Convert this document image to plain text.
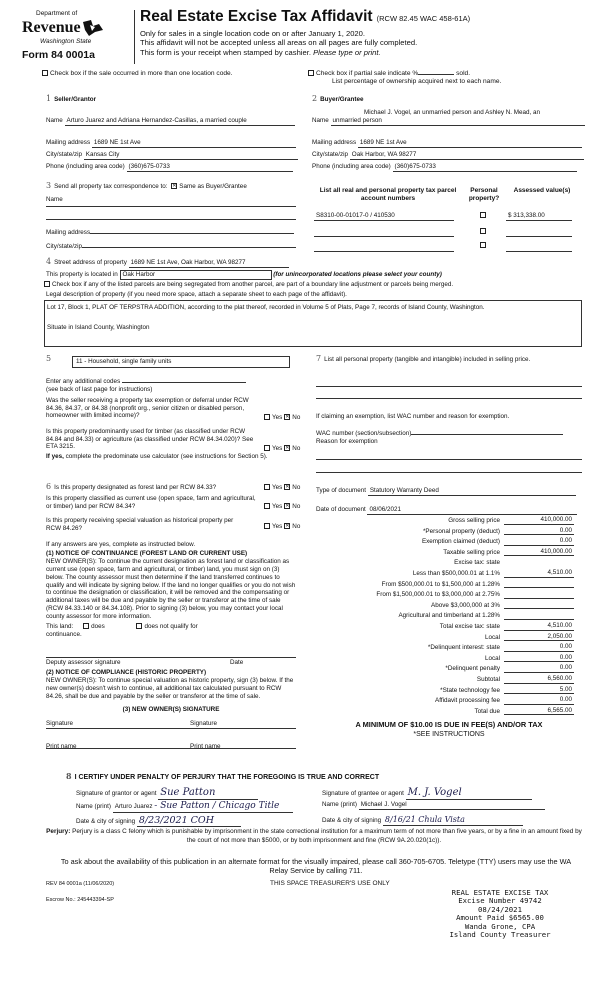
Department of
Revenue
Washington State
Form 84 0001a
Real Estate Excise Tax Affidavit (RCW 82.45 WAC 458-61A)
Only for sales in a single location code on or after January 1, 2020.
This affidavit will not be accepted unless all areas on all pages are fully completed.
This form is your receipt when stamped by cashier. Please type or print.
Check box if the sale occurred in more than one location code.	Check box if partial sale indicate %	sold.
List percentage of ownership acquired next to each name.
1 Seller/Grantor
Name Arturo Juarez and Adriana Hernandez-Casillas, a married couple
Mailing address 1689 NE 1st Ave
City/state/zip Kansas City
Phone (including area code) (360)675-0733
2 Buyer/Grantee
Michael J. Vogel, an unmarried person and Ashley N. Mead, an
Name unmarried person
Mailing address 1689 NE 1st Ave
City/state/zip Oak Harbor, WA 98277
Phone (including area code) (360)675-0733
3 Send all property tax correspondence to: ✕ Same as Buyer/Grantee
Name
Mailing address
City/state/zip
List all real and personal property tax parcel account numbers
Personal property?
Assessed value(s)
S8310-00-01017-0 / 410530	$ 313,338.00
4 Street address of property 1689 NE 1st Ave, Oak Harbor, WA 98277
This property is located in Oak Harbor	(for unincorporated locations please select your county)
Check box if any of the listed parcels are being segregated from another parcel, are part of a boundary line adjustment or parcels being merged.
Legal description of property (if you need more space, attach a separate sheet to each page of the affidavit).
Lot 17, Block 1, PLAT OF TERPSTRA ADDITION, according to the plat thereof, recorded in Volume 5 of Plats, Page 7, records of Island County, Washington.
Situate in Island County, Washington
5	11 - Household, single family units
Enter any additional codes
(see back of last page for instructions)
Was the seller receiving a property tax exemption or deferral under RCW 84.36, 84.37, or 84.38 (nonprofit org., senior citizen or disabled person, homeowner with limited income)?	Yes ✕ No
Is this property predominantly used for timber (as classified under RCW 84.84 and 84.33) or agriculture (as classified under RCW 84.34.020)? See ETA 3215.	Yes ✕ No
If yes, complete the predominate use calculator (see instructions for Section 5).
7 List all personal property (tangible and intangible) included in selling price.
If claiming an exemption, list WAC number and reason for exemption.
WAC number (section/subsection)
Reason for exemption
6 Is this property designated as forest land per RCW 84.33?	Yes ✕ No
Is this property classified as current use (open space, farm and agricultural, or timber) land per RCW 84.34?	Yes ✕ No
Is this property receiving special valuation as historical property per RCW 84.26?	Yes ✕ No
If any answers are yes, complete as instructed below.
(1) NOTICE OF CONTINUANCE (FOREST LAND OR CURRENT USE)
NEW OWNER(S): To continue the current designation as forest land or classification as current use (open space, farm and agricultural, or timber) land, you must sign on (3) below. The county assessor must then determine if the land transferred continues to qualify and will indicate by signing below. If the land no longer qualifies or you do not wish to continue the designation or classification, it will be removed and the compensating or additional taxes will be due and payable by the seller or transferor at the time of sale (RCW 84.33.140 or 84.34.108). Prior to signing (3) below, you may contact your local county assessor for more information.
This land:	does	does not qualify for
continuance.
Deputy assessor signature	Date
(2) NOTICE OF COMPLIANCE (HISTORIC PROPERTY)
NEW OWNER(S): To continue special valuation as historic property, sign (3) below. If the new owner(s) doesn't wish to continue, all additional tax calculated pursuant to RCW 84.26, shall be due and payable by the seller or transferor at the time of sale.
(3) NEW OWNER(S) SIGNATURE
Signature	Signature
Print name	Print name
Type of document Statutory Warranty Deed
Date of document 08/06/2021
Gross selling price	410,000.00
*Personal property (deduct)	0.00
Exemption claimed (deduct)	0.00
Taxable selling price	410,000.00
Excise tax: state
Less than $500,000.01 at 1.1%	4,510.00
From $500,000.01 to $1,500,000 at 1.28%
From $1,500,000.01 to $3,000,000 at 2.75%
Above $3,000,000 at 3%
Agricultural and timberland at 1.28%
Total excise tax: state	4,510.00
Local	2,050.00
*Delinquent interest: state	0.00
Local	0.00
*Delinquent penalty	0.00
Subtotal	6,560.00
*State technology fee	5.00
Affidavit processing fee	0.00
Total due	6,565.00
A MINIMUM OF $10.00 IS DUE IN FEE(S) AND/OR TAX
*SEE INSTRUCTIONS
8 I CERTIFY UNDER PENALTY OF PERJURY THAT THE FOREGOING IS TRUE AND CORRECT
Signature of grantor or agent Sue Patton
Name (print) Arturo Juarez - Sue Patton / Chicago Title
Date & city of signing 8/23/2021 COH
Signature of grantee or agent M. J. Vogel
Name (print) Michael J. Vogel
Date & city of signing 8/16/21 Chula Vista
Perjury: Perjury is a class C felony which is punishable by imprisonment in the state correctional institution for a maximum term of not more than five years, or by a fine in an amount fixed by the court of not more than $5000, or by both imprisonment and fine (RCW 9A.20.020(1c)).
To ask about the availability of this publication in an alternate format for the visually impaired, please call 360-705-6705. Teletype (TTY) users may use the WA Relay Service by calling 711.
REV 84 0001a (11/06/2020)	THIS SPACE TREASURER'S USE ONLY
Escrow No.: 245443394-SP
REAL ESTATE EXCISE TAX
Excise Number 49742
08/24/2021
Amount Paid $6565.00
Wanda Grone, CPA
Island County Treasurer
